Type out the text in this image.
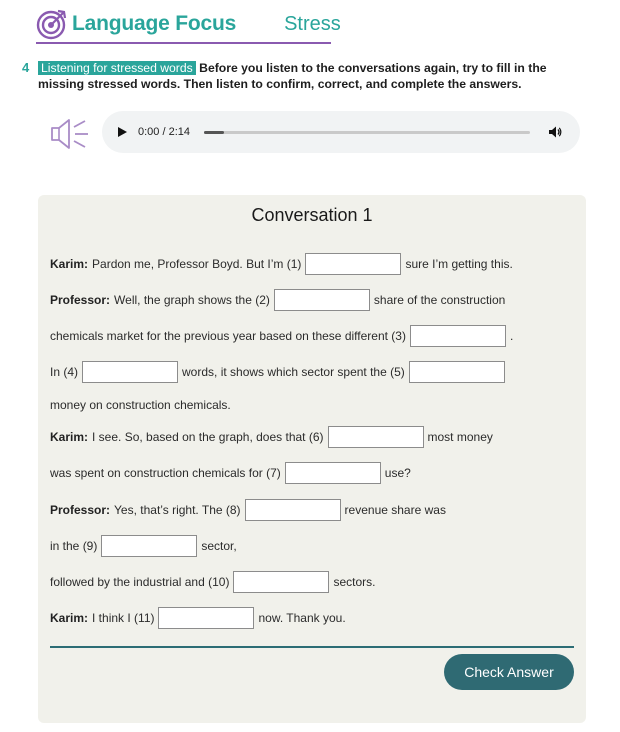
Language Focus Stress
4 Listening for stressed words Before you listen to the conversations again, try to fill in the
missing stressed words. Then listen to confirm, correct, and complete the answers.
0:00 / 2:14
Conversation 1
Karim: Pardon me, Professor Boyd. But I’m (1)	sure I’m getting this.
Professor: Well, the graph shows the (2)	share of the construction
chemicals market for the previous year based on these different (3)	.
In (4)	words, it shows which sector spent the (5)
money on construction chemicals.
Karim: I see. So, based on the graph, does that (6)	most money
was spent on construction chemicals for (7)	use?
Professor: Yes, that’s right. The (8)	revenue share was
in the (9)	sector,
followed by the industrial and (10)	sectors.
Karim: I think I (11)	now. Thank you.
Check Answer
